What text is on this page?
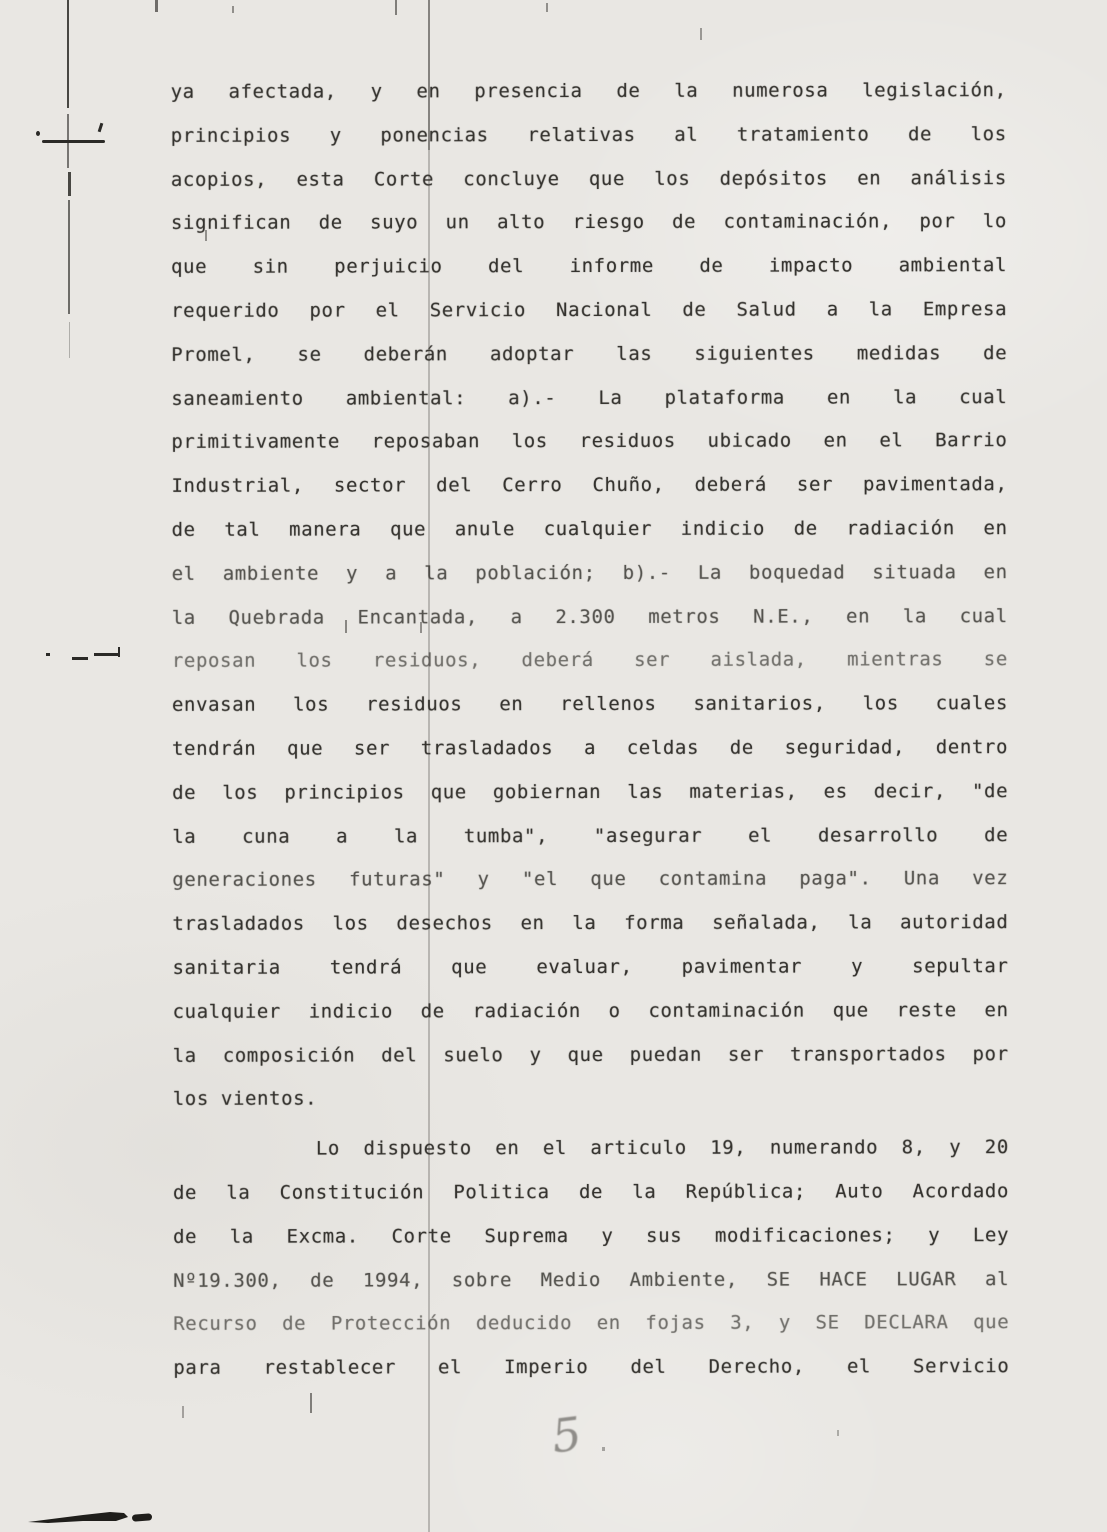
ya afectada, y en presencia de la numerosa legislación,
principios y ponencias relativas al tratamiento de los
acopios, esta Corte concluye que los depósitos en análisis
significan de suyo un alto riesgo de contaminación, por lo
que sin perjuicio del informe de impacto ambiental
requerido por el Servicio Nacional de Salud a la Empresa
Promel, se deberán adoptar las siguientes medidas de
saneamiento ambiental: a).- La plataforma en la cual
primitivamente reposaban los residuos ubicado en el Barrio
Industrial, sector del Cerro Chuño, deberá ser pavimentada,
de tal manera que anule cualquier indicio de radiación en
el ambiente y a la población; b).- La boquedad situada en
la Quebrada Encantada, a 2.300 metros N.E., en la cual
reposan los residuos, deberá ser aislada, mientras se
envasan los residuos en rellenos sanitarios, los cuales
tendrán que ser trasladados a celdas de seguridad, dentro
de los principios que gobiernan las materias, es decir, "de
la cuna a la tumba", "asegurar el desarrollo de
generaciones futuras" y "el que contamina paga". Una vez
trasladados los desechos en la forma señalada, la autoridad
sanitaria tendrá que evaluar, pavimentar y sepultar
cualquier indicio de radiación o contaminación que reste en
la composición del suelo y que puedan ser transportados por
los vientos.
Lo dispuesto en el articulo 19, numerando 8, y 20
de la Constitución Politica de la República; Auto Acordado
de la Excma. Corte Suprema y sus modificaciones; y Ley
Nº19.300, de 1994, sobre Medio Ambiente, SE HACE LUGAR al
Recurso de Protección deducido en fojas 3, y SE DECLARA que
para restablecer el Imperio del Derecho, el Servicio
5
